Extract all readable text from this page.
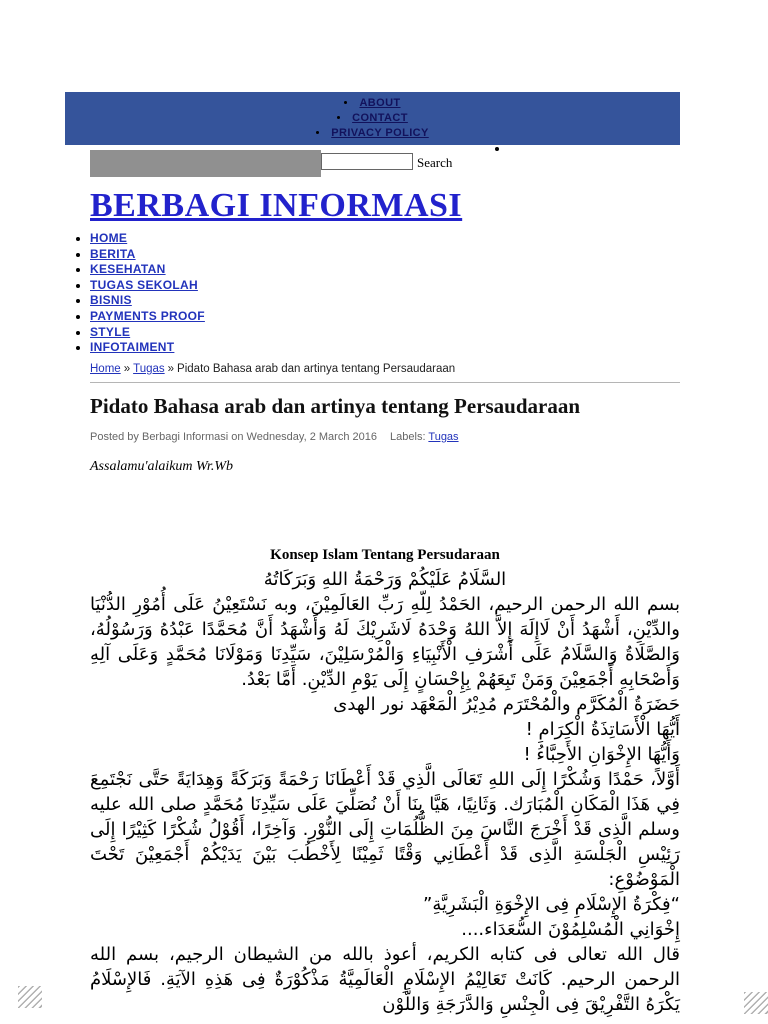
• ABOUT
• CONTACT
• PRIVACY POLICY
Search
BERBAGI INFORMASI
• HOME
• BERITA
• KESEHATAN
• TUGAS SEKOLAH
• BISNIS
• PAYMENTS PROOF
• STYLE
• INFOTAIMENT
Home » Tugas » Pidato Bahasa arab dan artinya tentang Persaudaraan
Pidato Bahasa arab dan artinya tentang Persaudaraan
Posted by Berbagi Informasi on Wednesday, 2 March 2016 Labels: Tugas

Assalamu'alaikum Wr.Wb

Konsep Islam Tentang Persudaraan

السَّلَامُ عَلَيْكُمْ وَرَحْمَةُ اللهِ وَبَرَكَاتُهُ

بسم الله الرحمن الرحيم، الحَمْدُ لِلّهِ رَبِّ العَالَمِيْنَ، وبه نَسْتَعِيْنُ عَلَى أُمُوْرِ الدُّنْيَا والدِّيْنِ، أَشْهَدُ أَنْ لَاإِلَهَ إِلاَّ اللهُ وَحْدَهُ لَاشَرِيْكَ لَهُ وَأَشْهَدُ أَنَّ مُحَمَّدًا عَبْدُهُ وَرَسُوْلُهُ، وَالصَّلَاةُ وَالسَّلَامُ عَلَى أَشْرَفِ الْأَنْبِيَاءِ وَالْمُرْسَلِيْنَ، سَيِّدِنَا وَمَوْلَانَا مُحَمَّدٍ وَعَلَى آلِهِ وَأَصْحَابِهِ أَجْمَعِيْنَ وَمَنْ تَبِعَهُمْ بِإِحْسَانٍ إِلَى يَوْمِ الدِّيْنِ. أَمَّا بَعْدُ.

حَضَرَةُ الْمُكَرَّم والْمُحْتَرَم مُدِيْرُ الْمَعْهَد نور الهدى

أَيُّهَا الْأَسَاتِذَةُ الْكِرَامِ !

وَأَيُّهَا الإِخْوَانِ الأَحِبَّاءُ !

أَوَّلاً، حَمْدًا وَشُكْرًا إِلَى اللهِ تَعَالَى الَّذِي قَدْ أَعْطَانَا رَحْمَةً وَبَرَكَةً وَهِدَايَةً حَتَّى نَجْتَمِعَ فِي هَذَا الْمَكَانِ الْمُبَارَك. وَثَانِيًا، هَيَّا بِنَا أَنْ نُصَلِّيَ عَلَى سَيِّدِنَا مُحَمَّدٍ صلى الله عليه وسلم الَّذِى قَدْ أَخْرَجَ النَّاسَ مِنَ الظُّلُمَاتِ إِلَى النُّوْرِ. وَآخِرًا، أَقُوْلُ شُكْرًا كَثِيْرًا إِلَى رَئِيْسِ الْجَلْسَةِ الَّذِى قَدْ أَعْطَانِي وَقْتًا ثَمِيْنًا لِأَخْطُبَ بَيْنَ يَدَيْكُمْ أَجْمَعِيْنَ تَحْتَ الْمَوْضُوْعِ:

“فِكْرَةُ الإِسْلَامِ فِى الإِخْوَةِ الْبَشَرِيَّةِ”

إِخْوَانِي الْمُسْلِمُوْنَ السُّعَدَاء....

قال الله تعالى فى كتابه الكريم، أعوذ بالله من الشيطان الرجيم، بسم الله الرحمن الرحيم. كَانَتْ تَعَالِيْمُ الإِسْلَامِ الْعَالَمِيَّةُ مَذْكُوْرَةٌ فِى هَذِهِ الآيَةِ. فَالإِسْلَامُ يَكْرَهُ التَّفْرِيْقَ فِى الْجِنْسِ وَالدَّرَجَةِ وَاللَّوْن
